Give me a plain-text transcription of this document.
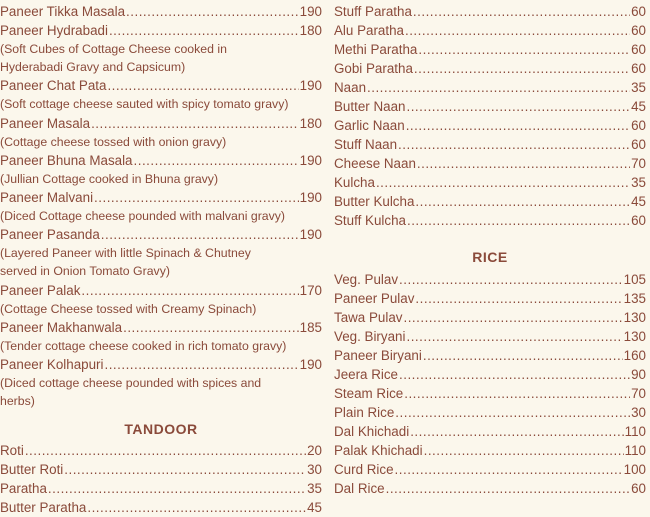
Paneer Tikka Masala .....	190
Paneer Hydrabadi .....	180
(Soft Cubes of Cottage Cheese cooked in
Hyderabadi Gravy and Capsicum)
Paneer Chat Pata .....	190
(Soft cottage cheese sauted with spicy tomato gravy)
Paneer Masala .....	180
(Cottage cheese tossed with onion gravy)
Paneer Bhuna Masala .....	190
(Jullian Cottage cooked in Bhuna gravy)
Paneer Malvani .....	190
(Diced Cottage cheese pounded with malvani gravy)
Paneer Pasanda .....	190
(Layered Paneer with little Spinach & Chutney
served in Onion Tomato Gravy)
Paneer Palak .....	170
(Cottage Cheese tossed with Creamy Spinach)
Paneer Makhanwala .....	185
(Tender cottage cheese cooked in rich tomato gravy)
Paneer Kolhapuri .....	190
(Diced cottage cheese pounded with spices and
herbs)
TANDOOR
Roti .....	20
Butter Roti .....	30
Paratha .....	35
Butter Paratha .....	45
Stuff Paratha .....	60
Alu Paratha .....	60
Methi Paratha .....	60
Gobi Paratha .....	60
Naan .....	35
Butter Naan .....	45
Garlic Naan .....	60
Stuff Naan .....	60
Cheese Naan .....	70
Kulcha .....	35
Butter Kulcha .....	45
Stuff Kulcha .....	60
RICE
Veg. Pulav .....	105
Paneer Pulav .....	135
Tawa Pulav .....	130
Veg. Biryani .....	130
Paneer Biryani .....	160
Jeera Rice .....	90
Steam Rice .....	70
Plain Rice .....	30
Dal Khichadi .....	110
Palak Khichadi .....	110
Curd Rice .....	100
Dal Rice .....	60
